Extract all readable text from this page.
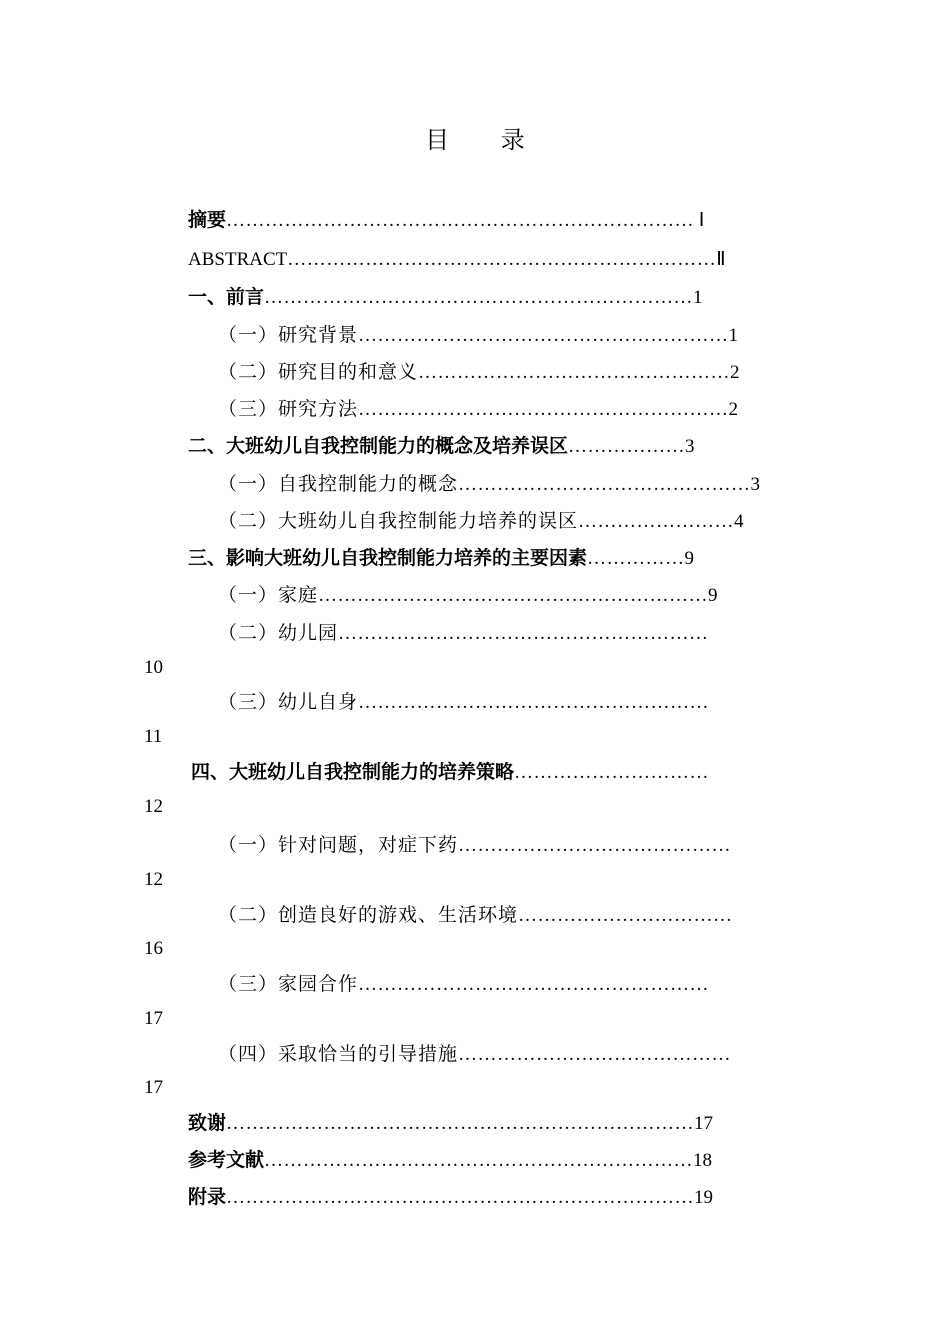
目 录
摘要……………………………………………………………… Ⅰ
ABSTRACT…………………………………………………………Ⅱ
一、前言…………………………………………………………1
（一）研究背景…………………………………………………1
（二）研究目的和意义…………………………………………2
（三）研究方法…………………………………………………2
二、大班幼儿自我控制能力的概念及培养误区………………3
（一）自我控制能力的概念………………………………………3
（二）大班幼儿自我控制能力培养的误区……………………4
三、影响大班幼儿自我控制能力培养的主要因素……………9
（一）家庭……………………………………………………9
（二）幼儿园…………………………………………………
10
（三）幼儿自身………………………………………………
11
四、大班幼儿自我控制能力的培养策略…………………………
12
（一）针对问题，对症下药……………………………………
12
（二）创造良好的游戏、生活环境……………………………
16
（三）家园合作………………………………………………
17
（四）采取恰当的引导措施……………………………………
17
致谢………………………………………………………………17
参考文献…………………………………………………………18
附录………………………………………………………………19
